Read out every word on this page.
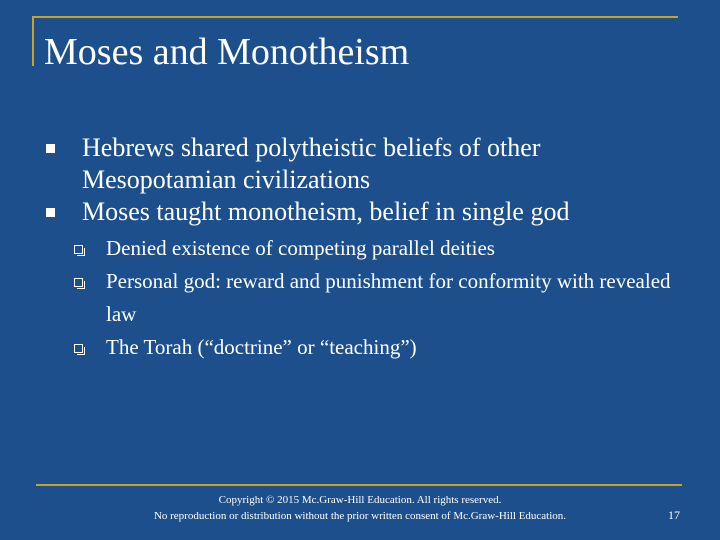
Moses and Monotheism
Hebrews shared polytheistic beliefs of other Mesopotamian civilizations
Moses taught monotheism, belief in single god
Denied existence of competing parallel deities
Personal god: reward and punishment for conformity with revealed law
The Torah (“doctrine” or “teaching”)
Copyright © 2015 Mc.Graw-Hill Education. All rights reserved.
No reproduction or distribution without the prior written consent of Mc.Graw-Hill Education.	17
